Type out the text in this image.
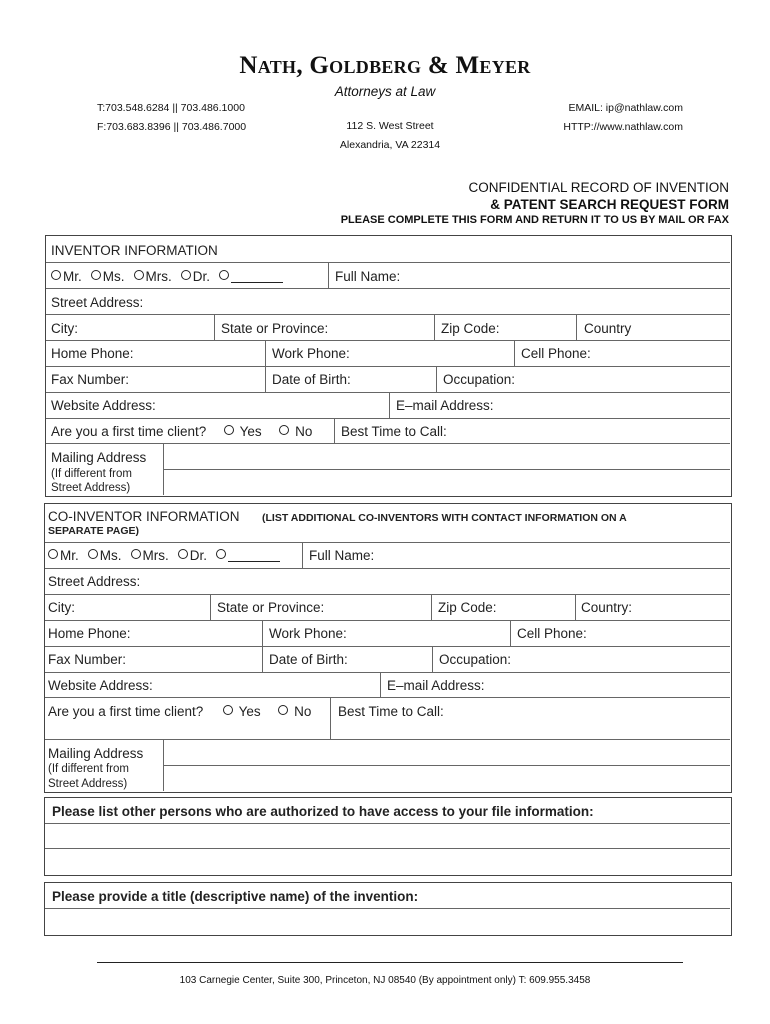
Nath, Goldberg & Meyer
Attorneys at Law
T:703.548.6284 || 703.486.1000
F:703.683.8396 || 703.486.7000	112 S. West Street
Alexandria, VA 22314
EMAIL: ip@nathlaw.com
HTTP://www.nathlaw.com
CONFIDENTIAL RECORD OF INVENTION
& PATENT SEARCH REQUEST FORM
PLEASE COMPLETE THIS FORM AND RETURN IT TO US BY MAIL OR FAX
INVENTOR INFORMATION
Mr. Ms. Mrs. Dr.	Full Name:
Street Address:
City:	State or Province:	Zip Code:	Country
Home Phone:	Work Phone:	Cell Phone:
Fax Number:	Date of Birth:	Occupation:
Website Address:	E–mail Address:
Are you a first time client? Yes No Best Time to Call:
Mailing Address
(If different from
Street Address)
CO-INVENTOR INFORMATION (LIST ADDITIONAL CO-INVENTORS WITH CONTACT INFORMATION ON A
SEPARATE PAGE)
Mr. Ms. Mrs. Dr.	Full Name:
Street Address:
City:	State or Province:	Zip Code:	Country:
Home Phone:	Work Phone:	Cell Phone:
Fax Number:	Date of Birth:	Occupation:
Website Address:	E–mail Address:
Are you a first time client?	Yes No Best Time to Call:
Mailing Address
(If different from
Street Address)
Please list other persons who are authorized to have access to your file information:
Please provide a title (descriptive name) of the invention:
103 Carnegie Center, Suite 300, Princeton, NJ 08540 (By appointment only) T: 609.955.3458
